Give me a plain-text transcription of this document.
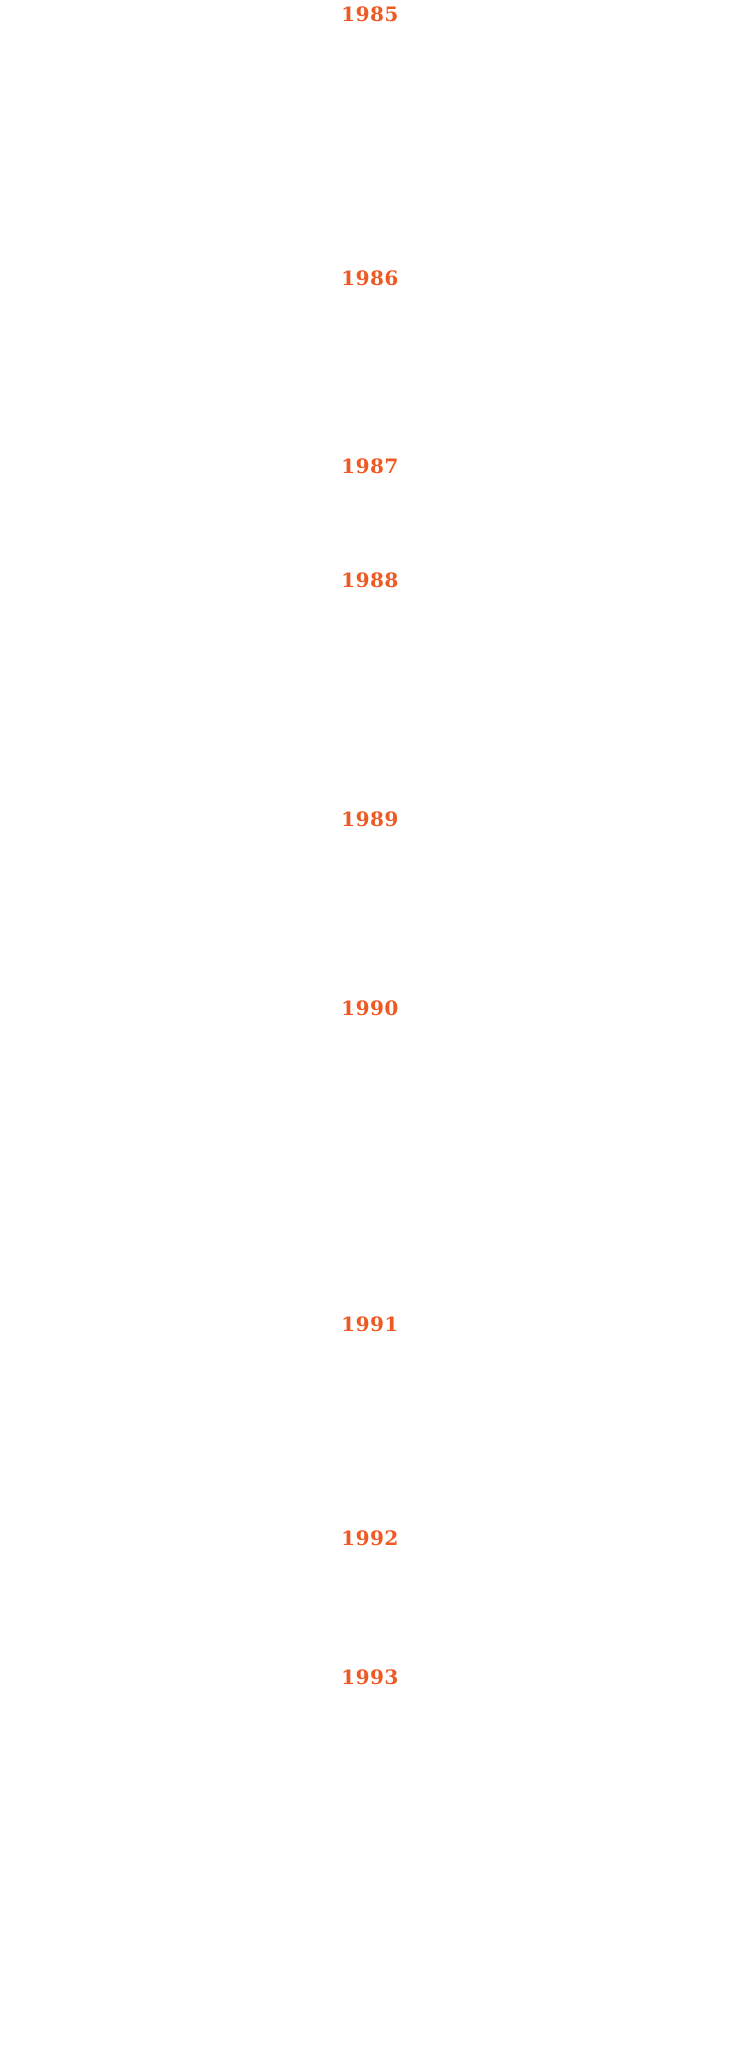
1985
1986
1987
1988
1989
1990
1991
1992
1993
